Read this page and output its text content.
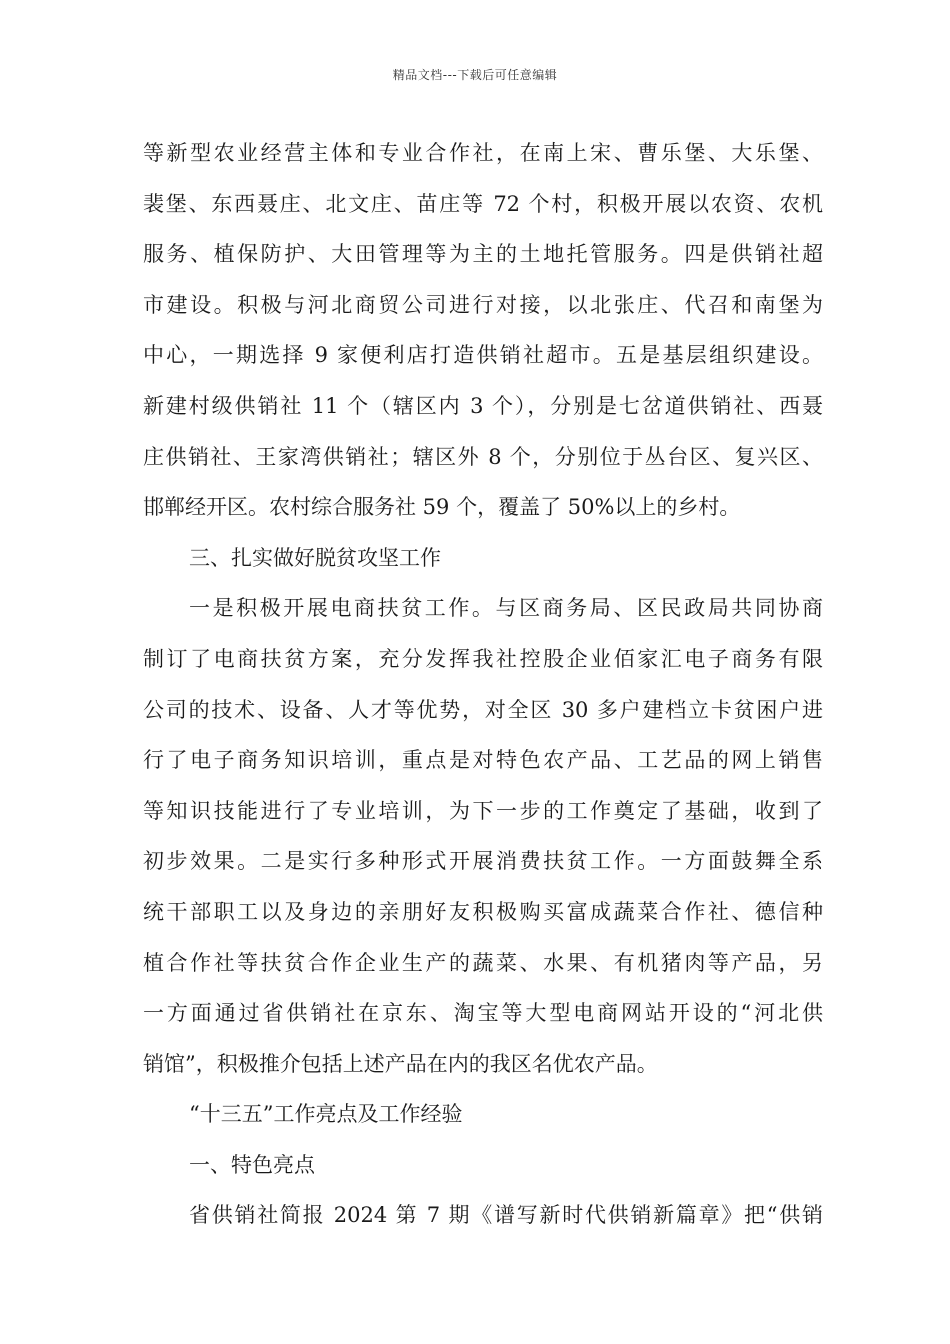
精品文档---下载后可任意编辑
等新型农业经营主体和专业合作社，在南上宋、曹乐堡、大乐堡、
裴堡、东西聂庄、北文庄、苗庄等 72 个村，积极开展以农资、农机
服务、植保防护、大田管理等为主的土地托管服务。四是供销社超
市建设。积极与河北商贸公司进行对接，以北张庄、代召和南堡为
中心，一期选择 9 家便利店打造供销社超市。五是基层组织建设。
新建村级供销社 11 个（辖区内 3 个），分别是七岔道供销社、西聂
庄供销社、王家湾供销社；辖区外 8 个，分别位于丛台区、复兴区、
邯郸经开区。农村综合服务社 59 个，覆盖了 50%以上的乡村。
三、扎实做好脱贫攻坚工作
一是积极开展电商扶贫工作。与区商务局、区民政局共同协商
制订了电商扶贫方案，充分发挥我社控股企业佰家汇电子商务有限
公司的技术、设备、人才等优势，对全区 30 多户建档立卡贫困户进
行了电子商务知识培训，重点是对特色农产品、工艺品的网上销售
等知识技能进行了专业培训，为下一步的工作奠定了基础，收到了
初步效果。二是实行多种形式开展消费扶贫工作。一方面鼓舞全系
统干部职工以及身边的亲朋好友积极购买富成蔬菜合作社、德信种
植合作社等扶贫合作企业生产的蔬菜、水果、有机猪肉等产品，另
一方面通过省供销社在京东、淘宝等大型电商网站开设的“河北供
销馆”，积极推介包括上述产品在内的我区名优农产品。
“十三五”工作亮点及工作经验
一、特色亮点
省供销社简报 2024 第 7 期《谱写新时代供销新篇章》把“供销
